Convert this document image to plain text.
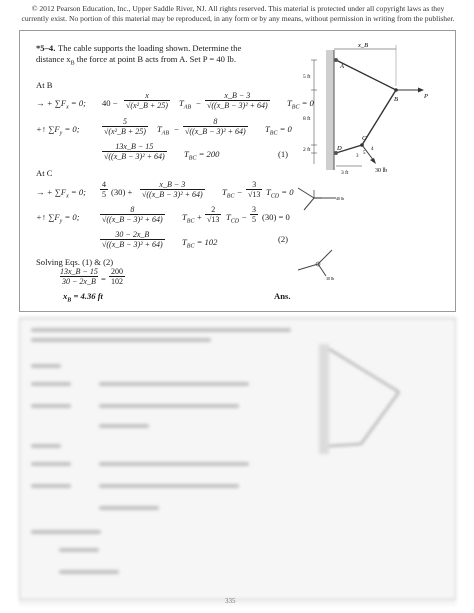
© 2012 Pearson Education, Inc., Upper Saddle River, NJ. All rights reserved. This material is protected under all copyright laws as they currently exist. No portion of this material may be reproduced, in any form or by any means, without permission in writing from the publisher.
*5–4. The cable supports the loading shown. Determine the
distance $x_B$ the force at point B acts from A. Set P = 40 lb.
At B
→ + $\sum F_x = 0$; $40 - \frac{x}{\text{√(x²\_B + 25)}} T_{AB} - \frac{x\_B - 3}{\text{√((x\_B − 3)² + 64)}} T_{BC} = 0$
+↑ $\sum F_y = 0$;	$\frac{5}{\text{√(x²\_B + 25)}} T_{AB} - \frac{8}{\text{√((x\_B − 3)² + 64)}} T_{BC} = 0$
$\frac{13x\_B - 15}{\text{√((x\_B − 3)² + 64)}} T_{BC} = 200$	(1)
At C
→ + $\sum F_x = 0$; $\frac{4}{5} (30) + \frac{x\_B - 3}{\text{√((x\_B − 3)² + 64)}} T_{BC} - \frac{3}{√13} T_{CD} = 0$
+↑ $\sum F_y = 0$;	$\frac{8}{\text{√((x\_B − 3)² + 64)}} T_{BC} + \frac{2}{√13} T_{CD} - \frac{3}{5} (30) = 0$
$\frac{30 - 2x\_B}{\text{√((x\_B − 3)² + 64)}} T_{BC} = 102$	(2)
Solving Eqs. (1) & (2)
$\frac{13x\_B - 15}{30 - 2x\_B} = \frac{200}{102}$
$x_B = 4.36$ ft	Ans.
x_B
A
B
C
D
P
30 lb
3
4
5
5 ft
8 ft
2 ft
3 ft
40 lb
30 lb
335
